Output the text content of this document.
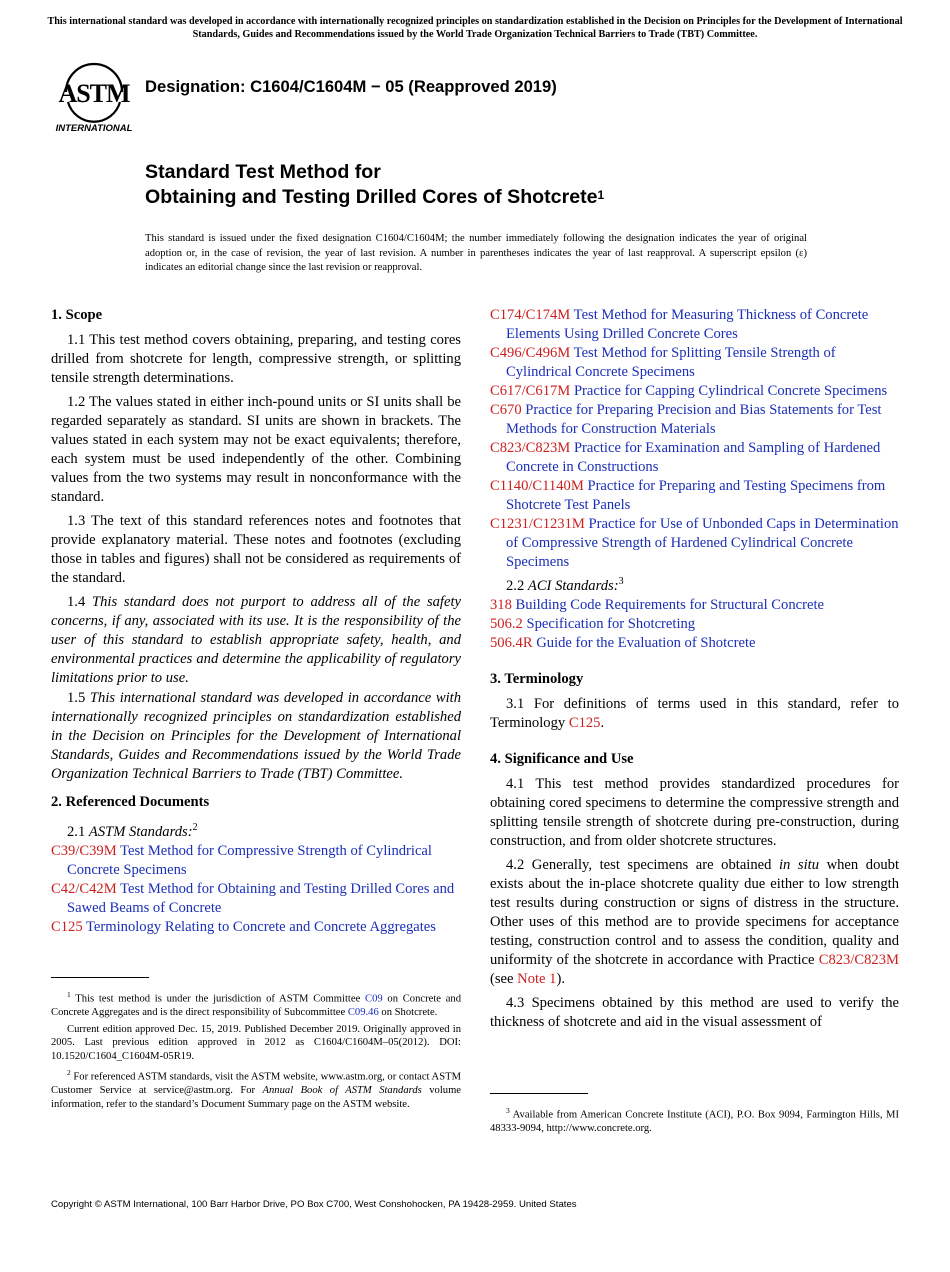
This international standard was developed in accordance with internationally recognized principles on standardization established in the Decision on Principles for the Development of International Standards, Guides and Recommendations issued by the World Trade Organization Technical Barriers to Trade (TBT) Committee.
ASTM
INTERNATIONAL
Designation: C1604/C1604M − 05 (Reapproved 2019)
Standard Test Method for
Obtaining and Testing Drilled Cores of Shotcrete$^1$
This standard is issued under the fixed designation C1604/C1604M; the number immediately following the designation indicates the year of original adoption or, in the case of revision, the year of last revision. A number in parentheses indicates the year of last reapproval. A superscript epsilon (ε) indicates an editorial change since the last revision or reapproval.
1. Scope
1.1 This test method covers obtaining, preparing, and testing cores drilled from shotcrete for length, compressive strength, or splitting tensile strength determinations.
1.2 The values stated in either inch-pound units or SI units shall be regarded separately as standard. SI units are shown in brackets. The values stated in each system may not be exact equivalents; therefore, each system must be used independently of the other. Combining values from the two systems may result in nonconformance with the standard.
1.3 The text of this standard references notes and footnotes that provide explanatory material. These notes and footnotes (excluding those in tables and figures) shall not be considered as requirements of the standard.
1.4 This standard does not purport to address all of the safety concerns, if any, associated with its use. It is the responsibility of the user of this standard to establish appropriate safety, health, and environmental practices and determine the applicability of regulatory limitations prior to use.
1.5 This international standard was developed in accordance with internationally recognized principles on standardization established in the Decision on Principles for the Development of International Standards, Guides and Recommendations issued by the World Trade Organization Technical Barriers to Trade (TBT) Committee.
2. Referenced Documents
2.1 ASTM Standards:$^2$
C39/C39M Test Method for Compressive Strength of Cylindrical Concrete Specimens
C42/C42M Test Method for Obtaining and Testing Drilled Cores and Sawed Beams of Concrete
C125 Terminology Relating to Concrete and Concrete Aggregates

$^1$ This test method is under the jurisdiction of ASTM Committee C09 on Concrete and Concrete Aggregates and is the direct responsibility of Subcommittee C09.46 on Shotcrete.

Current edition approved Dec. 15, 2019. Published December 2019. Originally approved in 2005. Last previous edition approved in 2012 as C1604/C1604M–05(2012). DOI: 10.1520/C1604_C1604M-05R19.

$^2$ For referenced ASTM standards, visit the ASTM website, www.astm.org, or contact ASTM Customer Service at service@astm.org. For Annual Book of ASTM Standards volume information, refer to the standard’s Document Summary page on the ASTM website.

C174/C174M Test Method for Measuring Thickness of Concrete Elements Using Drilled Concrete Cores
C496/C496M Test Method for Splitting Tensile Strength of Cylindrical Concrete Specimens
C617/C617M Practice for Capping Cylindrical Concrete Specimens
C670 Practice for Preparing Precision and Bias Statements for Test Methods for Construction Materials
C823/C823M Practice for Examination and Sampling of Hardened Concrete in Constructions
C1140/C1140M Practice for Preparing and Testing Specimens from Shotcrete Test Panels
C1231/C1231M Practice for Use of Unbonded Caps in Determination of Compressive Strength of Hardened Cylindrical Concrete Specimens
2.2 ACI Standards:$^3$
318 Building Code Requirements for Structural Concrete
506.2 Specification for Shotcreting
506.4R Guide for the Evaluation of Shotcrete
3. Terminology
3.1 For definitions of terms used in this standard, refer to Terminology C125.
4. Significance and Use
4.1 This test method provides standardized procedures for obtaining cored specimens to determine the compressive strength and splitting tensile strength of shotcrete during pre-construction, during construction, and from older shotcrete structures.
4.2 Generally, test specimens are obtained in situ when doubt exists about the in-place shotcrete quality due either to low strength test results during construction or signs of distress in the structure. Other uses of this method are to provide specimens for acceptance testing, construction control and to assess the condition, quality and uniformity of the shotcrete in accordance with Practice C823/C823M (see Note 1).
4.3 Specimens obtained by this method are used to verify the thickness of shotcrete and aid in the visual assessment of

$^3$ Available from American Concrete Institute (ACI), P.O. Box 9094, Farmington Hills, MI 48333-9094, http://www.concrete.org.

Copyright © ASTM International, 100 Barr Harbor Drive, PO Box C700, West Conshohocken, PA 19428-2959. United States
